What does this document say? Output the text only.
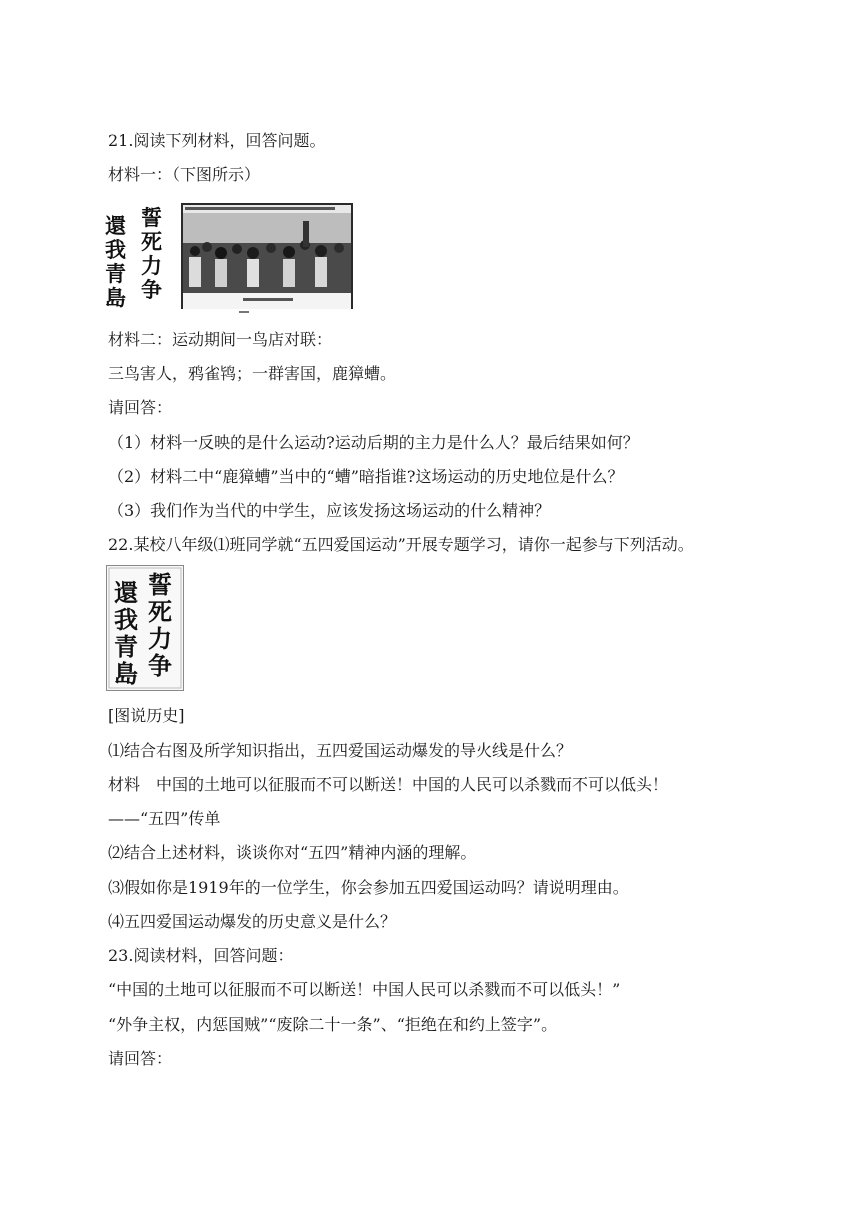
21.阅读下列材料，回答问题。
材料一：（下图所示）
誓
死
力
争
還
我
青
島
材料二：运动期间一鸟店对联：
三鸟害人，鸦雀鸨；一群害国，鹿獐螬。
请回答：
（1）材料一反映的是什么运动?运动后期的主力是什么人？最后结果如何？
（2）材料二中“鹿獐螬”当中的“螬”暗指谁?这场运动的历史地位是什么？
（3）我们作为当代的中学生，应该发扬这场运动的什么精神？
22.某校八年级⑴班同学就“五四爱国运动”开展专题学习，请你一起参与下列活动。
誓
死
力
争
還
我
青
島
[图说历史]
⑴结合右图及所学知识指出，五四爱国运动爆发的导火线是什么？
材料　中国的土地可以征服而不可以断送！中国的人民可以杀戮而不可以低头！
——“五四”传单
⑵结合上述材料，谈谈你对“五四”精神内涵的理解。
⑶假如你是1919年的一位学生，你会参加五四爱国运动吗？请说明理由。
⑷五四爱国运动爆发的历史意义是什么？
23.阅读材料，回答问题：
“中国的土地可以征服而不可以断送！中国人民可以杀戮而不可以低头！”
“外争主权，内惩国贼”“废除二十一条”、“拒绝在和约上签字”。
请回答：
